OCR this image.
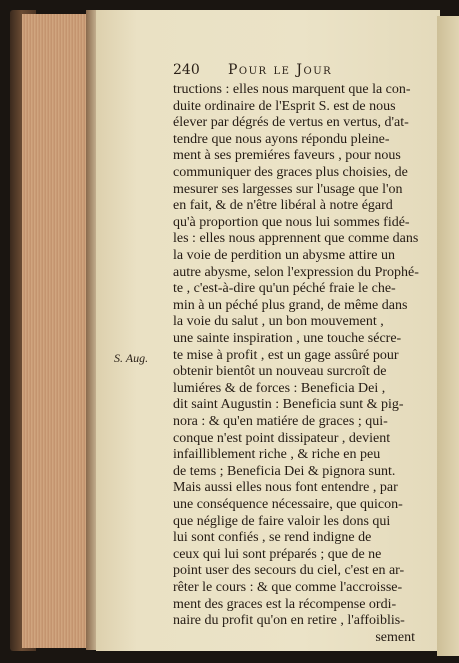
240 Pour le Jour
S. Aug.
tructions : elles nous marquent que la con-
duite ordinaire de l'Esprit S. est de nous
élever par dégrés de vertus en vertus, d'at-
tendre que nous ayons répondu pleine-
ment à ses premiéres faveurs , pour nous
communiquer des graces plus choisies, de
mesurer ses largesses sur l'usage que l'on
en fait, & de n'être libéral à notre égard
qu'à proportion que nous lui sommes fidé-
les : elles nous apprennent que comme dans
la voie de perdition un abysme attire un
autre abysme, selon l'expression du Prophé-
te , c'est-à-dire qu'un péché fraie le che-
min à un péché plus grand, de même dans
la voie du salut , un bon mouvement ,
une sainte inspiration , une touche sécre-
te mise à profit , est un gage assûré pour
obtenir bientôt un nouveau surcroît de
lumiéres & de forces : Beneficia Dei ,
dit saint Augustin : Beneficia sunt & pig-
nora : & qu'en matiére de graces ; qui-
conque n'est point dissipateur , devient
infailliblement riche , & riche en peu
de tems ; Beneficia Dei & pignora sunt.
Mais aussi elles nous font entendre , par
une conséquence nécessaire, que quicon-
que néglige de faire valoir les dons qui
lui sont confiés , se rend indigne de
ceux qui lui sont préparés ; que de ne
point user des secours du ciel, c'est en ar-
rêter le cours : & que comme l'accroisse-
ment des graces est la récompense ordi-
naire du profit qu'on en retire , l'affoiblis-
sement
